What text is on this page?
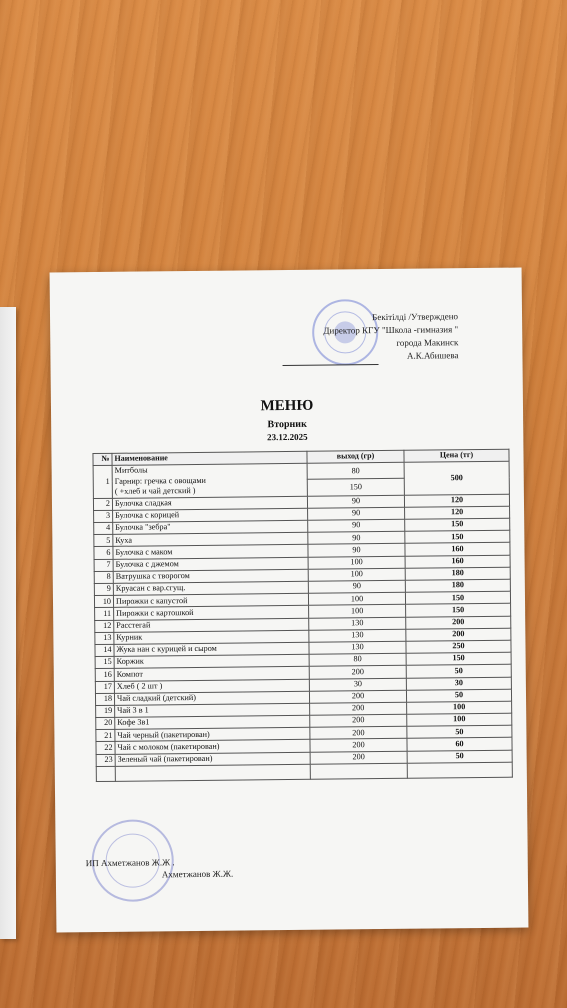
Бекітілді /Утверждено
Директор КГУ "Школа -гимназия "
города Макинск
А.К.Абишева
МЕНЮ
Вторник
23.12.2025
№	Наименование	выход (гр)	Цена (тг)
1	Митболы
Гарнир: гречка с овощами
( +хлеб и чай детский )	80	500
		150	
2	Булочка сладкая	90	120
3	Булочка с корицей	90	120
4	Булочка "зебра"	90	150
5	Куха	90	150
6	Булочка с маком	90	160
7	Булочка с джемом	100	160
8	Ватрушка с творогом	100	180
9	Круасан с вар.сгущ.	90	180
10	Пирожки с капустой	100	150
11	Пирожки с картошкой	100	150
12	Расстегай	130	200
13	Курник	130	200
14	Жука нан с курицей и сыром	130	250
15	Коржик	80	150
16	Компот	200	50
17	Хлеб ( 2 шт )	30	30
18	Чай сладкий (детский)	200	50
19	Чай 3 в 1	200	100
20	Кофе 3в1	200	100
21	Чай черный (пакетирован)	200	50
22	Чай с молоком (пакетирован)	200	60
23	Зеленый чай (пакетирован)	200	50

ИП Ахметжанов Ж.Ж .
Ахметжанов Ж.Ж.
